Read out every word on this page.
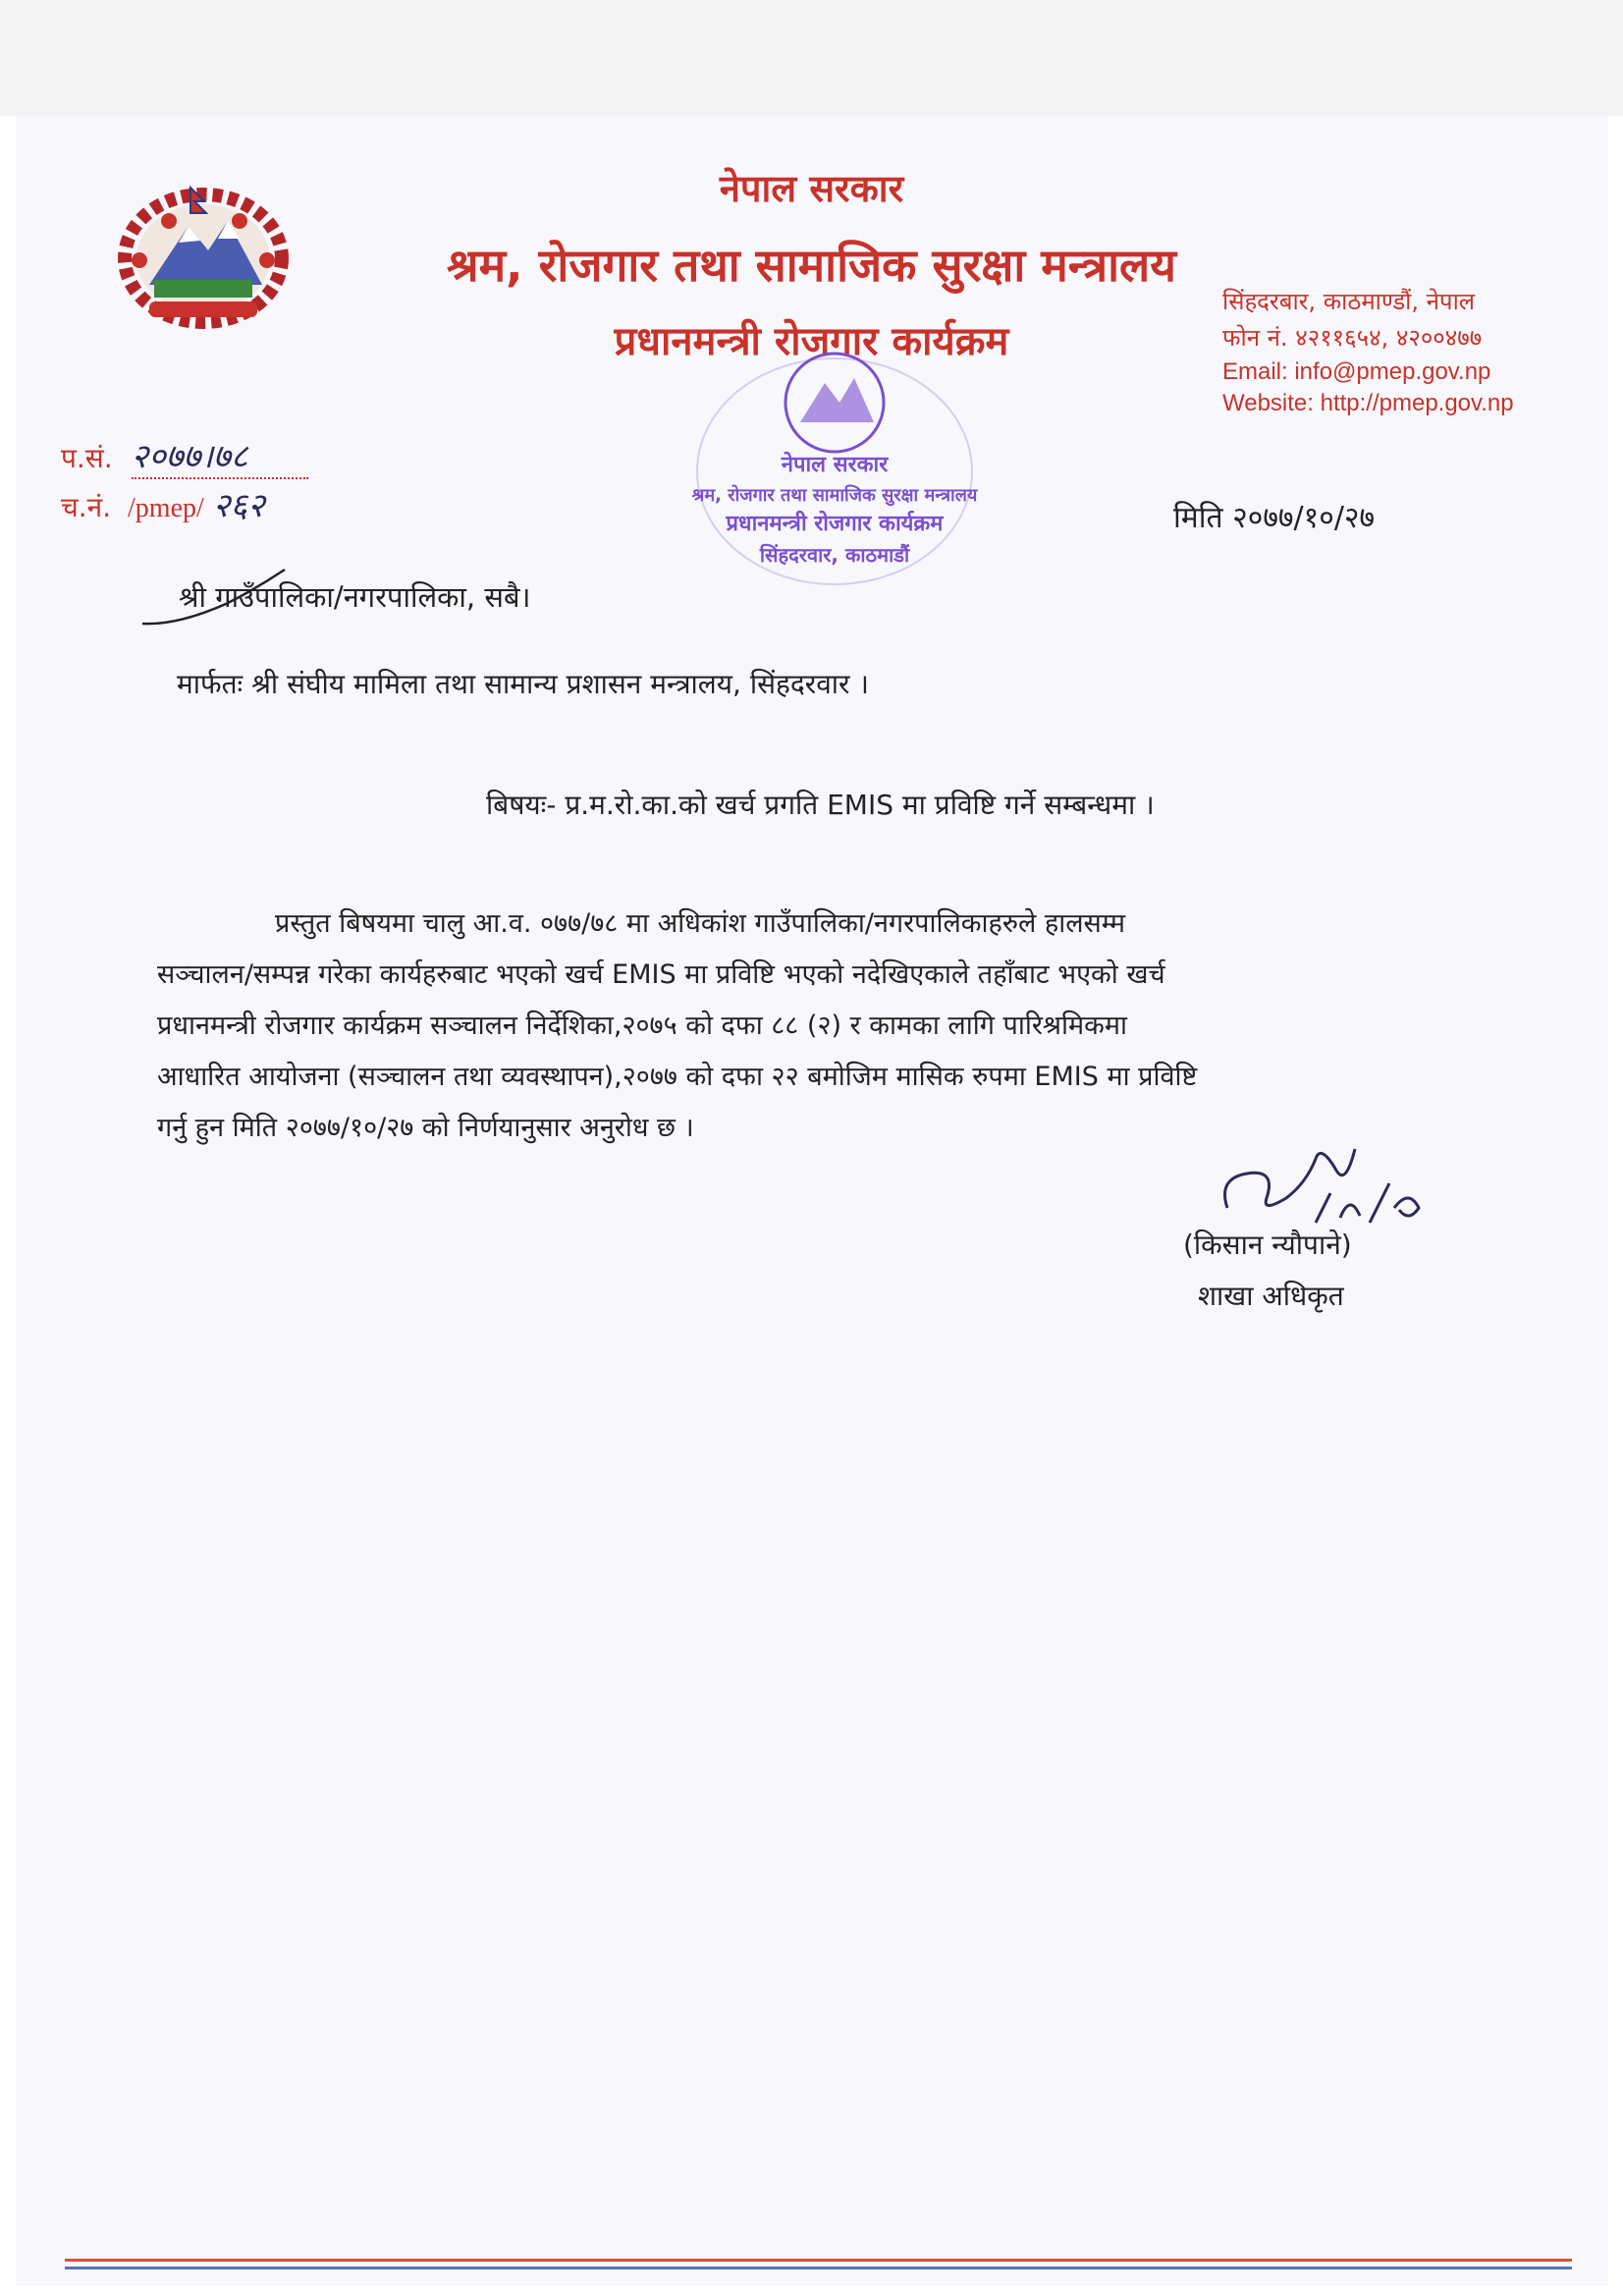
नेपाल सरकार
श्रम, रोजगार तथा सामाजिक सुरक्षा मन्त्रालय
प्रधानमन्त्री रोजगार कार्यक्रम
सिंहदरबार, काठमाण्डौं, नेपाल
फोन नं. ४२११६५४, ४२००४७७
Email: info@pmep.gov.np
Website: http://pmep.gov.np
प.सं. २०७७।७८
च.नं. /pmep/ २६२	मिति २०७७/१०/२७
नेपाल सरकार
श्रम, रोजगार तथा सामाजिक सुरक्षा मन्त्रालय
प्रधानमन्त्री रोजगार कार्यक्रम
सिंहदरवार, काठमाडौं
श्री गाउँपालिका/नगरपालिका, सबै।
मार्फतः श्री संघीय मामिला तथा सामान्य प्रशासन मन्त्रालय, सिंहदरवार ।
बिषयः- प्र.म.रो.का.को खर्च प्रगति EMIS मा प्रविष्टि गर्ने सम्बन्धमा ।
प्रस्तुत बिषयमा चालु आ.व. ०७७/७८ मा अधिकांश गाउँपालिका/नगरपालिकाहरुले हालसम्म
सञ्चालन/सम्पन्न गरेका कार्यहरुबाट भएको खर्च EMIS मा प्रविष्टि भएको नदेखिएकाले तहाँबाट भएको खर्च
प्रधानमन्त्री रोजगार कार्यक्रम सञ्चालन निर्देशिका,२०७५ को दफा ८८ (२) र कामका लागि पारिश्रमिकमा
आधारित आयोजना (सञ्चालन तथा व्यवस्थापन),२०७७ को दफा २२ बमोजिम मासिक रुपमा EMIS मा प्रविष्टि
गर्नु हुन मिति २०७७/१०/२७ को निर्णयानुसार अनुरोध छ ।
(किसान न्यौपाने)
शाखा अधिकृत
